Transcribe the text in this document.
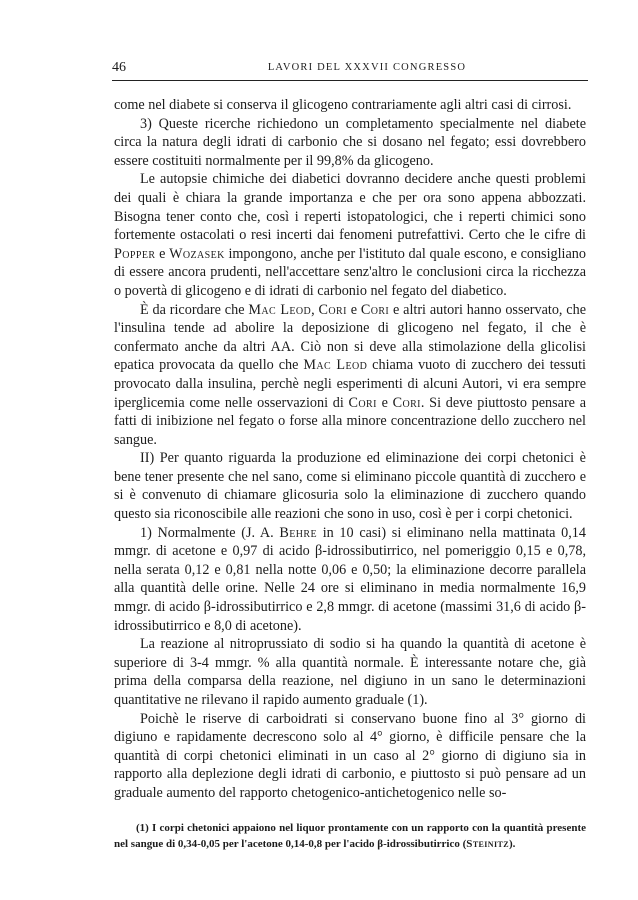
46	LAVORI DEL XXXVII CONGRESSO

come nel diabete si conserva il glicogeno contrariamente agli altri casi di cirrosi.

3) Queste ricerche richiedono un completamento specialmente nel diabete circa la natura degli idrati di carbonio che si dosano nel fegato; essi dovrebbero essere costituiti normalmente per il 99,8% da glicogeno.

Le autopsie chimiche dei diabetici dovranno decidere anche questi problemi dei quali è chiara la grande importanza e che per ora sono appena abbozzati. Bisogna tener conto che, così i reperti istopatologici, che i reperti chimici sono fortemente ostacolati o resi incerti dai fenomeni putrefattivi. Certo che le cifre di Popper e Wozasek impongono, anche per l'istituto dal quale escono, e consigliano di essere ancora prudenti, nell'accettare senz'altro le conclusioni circa la ricchezza o povertà di glicogeno e di idrati di carbonio nel fegato del diabetico.

È da ricordare che Mac Leod, Cori e Cori e altri autori hanno osservato, che l'insulina tende ad abolire la deposizione di glicogeno nel fegato, il che è confermato anche da altri AA. Ciò non si deve alla stimolazione della glicolisi epatica provocata da quello che Mac Leod chiama vuoto di zucchero dei tessuti provocato dalla insulina, perchè negli esperimenti di alcuni Autori, vi era sempre iperglicemia come nelle osservazioni di Cori e Cori. Si deve piuttosto pensare a fatti di inibizione nel fegato o forse alla minore concentrazione dello zucchero nel sangue.

II) Per quanto riguarda la produzione ed eliminazione dei corpi chetonici è bene tener presente che nel sano, come si eliminano piccole quantità di zucchero e si è convenuto di chiamare glicosuria solo la eliminazione di zucchero quando questo sia riconoscibile alle reazioni che sono in uso, così è per i corpi chetonici.

1) Normalmente (J. A. Behre in 10 casi) si eliminano nella mattinata 0,14 mmgr. di acetone e 0,97 di acido β-idrossibutirrico, nel pomeriggio 0,15 e 0,78, nella serata 0,12 e 0,81 nella notte 0,06 e 0,50; la eliminazione decorre parallela alla quantità delle orine. Nelle 24 ore si eliminano in media normalmente 16,9 mmgr. di acido β-idrossibutirrico e 2,8 mmgr. di acetone (massimi 31,6 di acido β-idrossibutirrico e 8,0 di acetone).

La reazione al nitroprussiato di sodio si ha quando la quantità di acetone è superiore di 3-4 mmgr. % alla quantità normale. È interessante notare che, già prima della comparsa della reazione, nel digiuno in un sano le determinazioni quantitative ne rilevano il rapido aumento graduale (1).

Poichè le riserve di carboidrati si conservano buone fino al 3° giorno di digiuno e rapidamente decrescono solo al 4° giorno, è difficile pensare che la quantità di corpi chetonici eliminati in un caso al 2° giorno di digiuno sia in rapporto alla deplezione degli idrati di carbonio, e piuttosto si può pensare ad un graduale aumento del rapporto chetogenico-antichetogenico nelle so-

(1) I corpi chetonici appaiono nel liquor prontamente con un rapporto con la quantità presente nel sangue di 0,34-0,05 per l'acetone 0,14-0,8 per l'acido β-idrossibutirrico (Steinitz).
